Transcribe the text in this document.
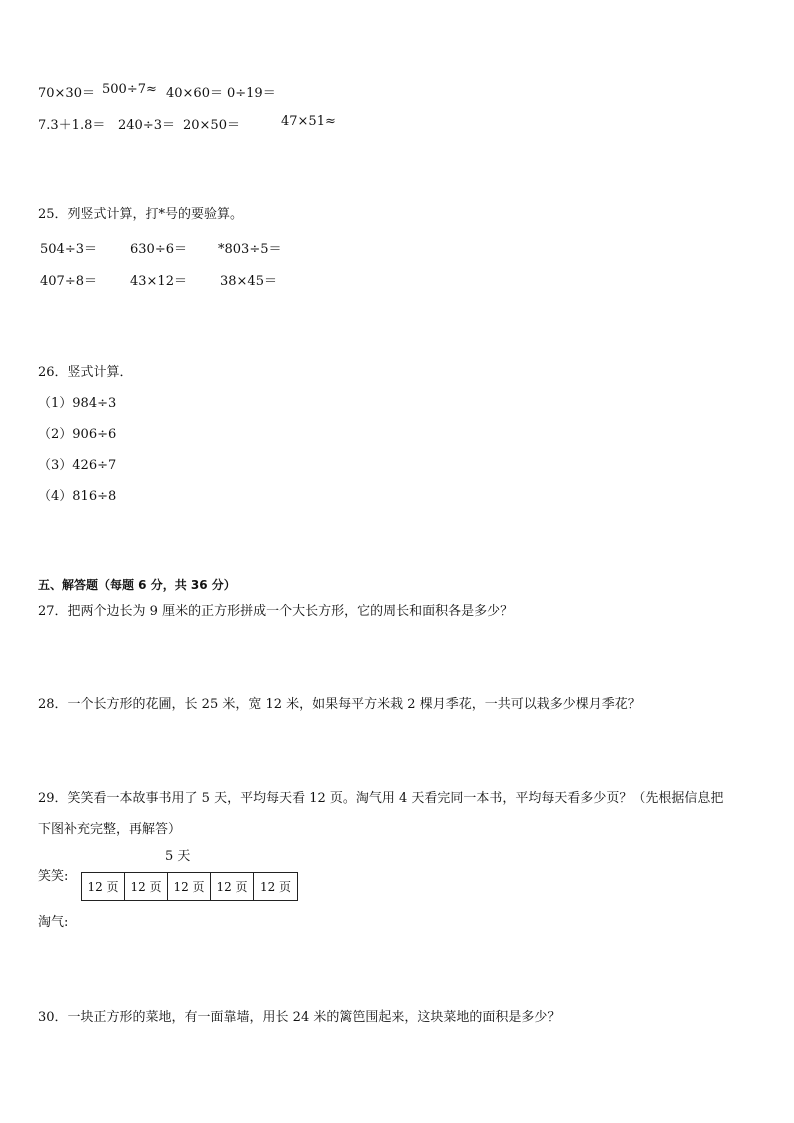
70×30＝ 500÷7≈ 40×60＝ 0÷19＝
7.3＋1.8＝ 240÷3＝ 20×50＝	47×51≈
25．列竖式计算，打*号的要验算。
504÷3＝	630÷6＝ *803÷5＝
407÷8＝	43×12＝	38×45＝
26．竖式计算．
（1）984÷3
（2）906÷6
（3）426÷7
（4）816÷8
五、解答题（每题 6 分，共 36 分）
27．把两个边长为 9 厘米的正方形拼成一个大长方形，它的周长和面积各是多少？
28．一个长方形的花圃，长 25 米，宽 12 米，如果每平方米栽 2 棵月季花，一共可以栽多少棵月季花？
29．笑笑看一本故事书用了 5 天，平均每天看 12 页。淘气用 4 天看完同一本书，平均每天看多少页？（先根据信息把
下图补充完整，再解答）
5 天
笑笑:
12 页 12 页 12 页 12 页	12 页
淘气:
30．一块正方形的菜地，有一面靠墙，用长 24 米的篱笆围起来，这块菜地的面积是多少？
